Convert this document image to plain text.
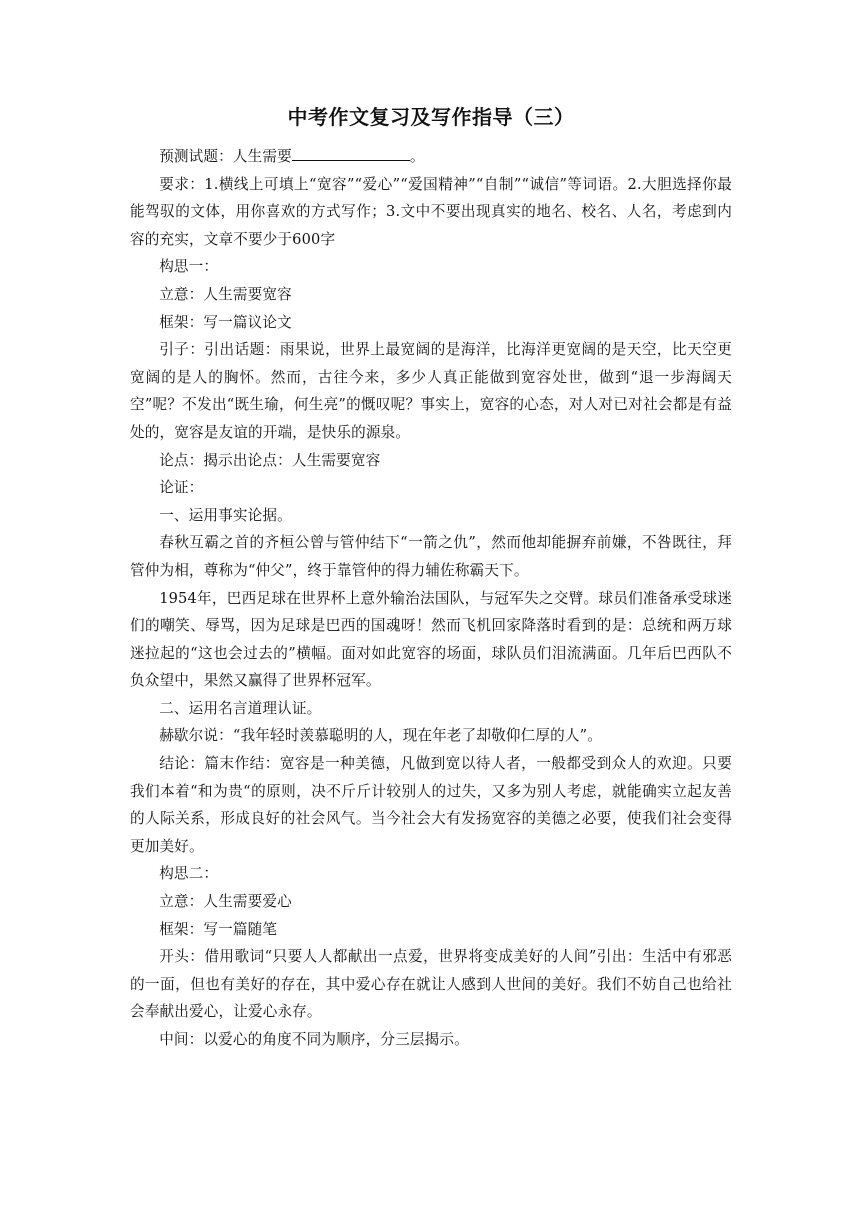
中考作文复习及写作指导（三）

预测试题：人生需要	。

要求：1.横线上可填上“宽容”“爱心”“爱国精神”“自制”“诚信”等词语。2.大胆选择你最能驾驭的文体，用你喜欢的方式写作；3.文中不要出现真实的地名、校名、人名，考虑到内容的充实，文章不要少于600字

构思一：

立意：人生需要宽容

框架：写一篇议论文

引子：引出话题：雨果说，世界上最宽阔的是海洋，比海洋更宽阔的是天空，比天空更宽阔的是人的胸怀。然而，古往今来，多少人真正能做到宽容处世，做到“退一步海阔天空”呢？不发出“既生瑜，何生亮”的慨叹呢？事实上，宽容的心态，对人对已对社会都是有益处的，宽容是友谊的开端，是快乐的源泉。

论点：揭示出论点：人生需要宽容

论证：

一、运用事实论据。

春秋互霸之首的齐桓公曾与管仲结下“一箭之仇”，然而他却能摒弃前嫌，不咎既往，拜管仲为相，尊称为“仲父”，终于靠管仲的得力辅佐称霸天下。

1954年，巴西足球在世界杯上意外输治法国队，与冠军失之交臂。球员们准备承受球迷们的嘲笑、辱骂，因为足球是巴西的国魂呀！然而飞机回家降落时看到的是：总统和两万球迷拉起的“这也会过去的”横幅。面对如此宽容的场面，球队员们泪流满面。几年后巴西队不负众望中，果然又赢得了世界杯冠军。

二、运用名言道理认证。

赫歇尔说：“我年轻时羡慕聪明的人，现在年老了却敬仰仁厚的人”。

结论：篇末作结：宽容是一种美德，凡做到宽以待人者，一般都受到众人的欢迎。只要我们本着“和为贵“的原则，决不斤斤计较别人的过失，又多为别人考虑，就能确实立起友善的人际关系，形成良好的社会风气。当今社会大有发扬宽容的美德之必要，使我们社会变得更加美好。

构思二：

立意：人生需要爱心

框架：写一篇随笔

开头：借用歌词“只要人人都献出一点爱，世界将变成美好的人间”引出：生活中有邪恶的一面，但也有美好的存在，其中爱心存在就让人感到人世间的美好。我们不妨自己也给社会奉献出爱心，让爱心永存。

中间：以爱心的角度不同为顺序，分三层揭示。
